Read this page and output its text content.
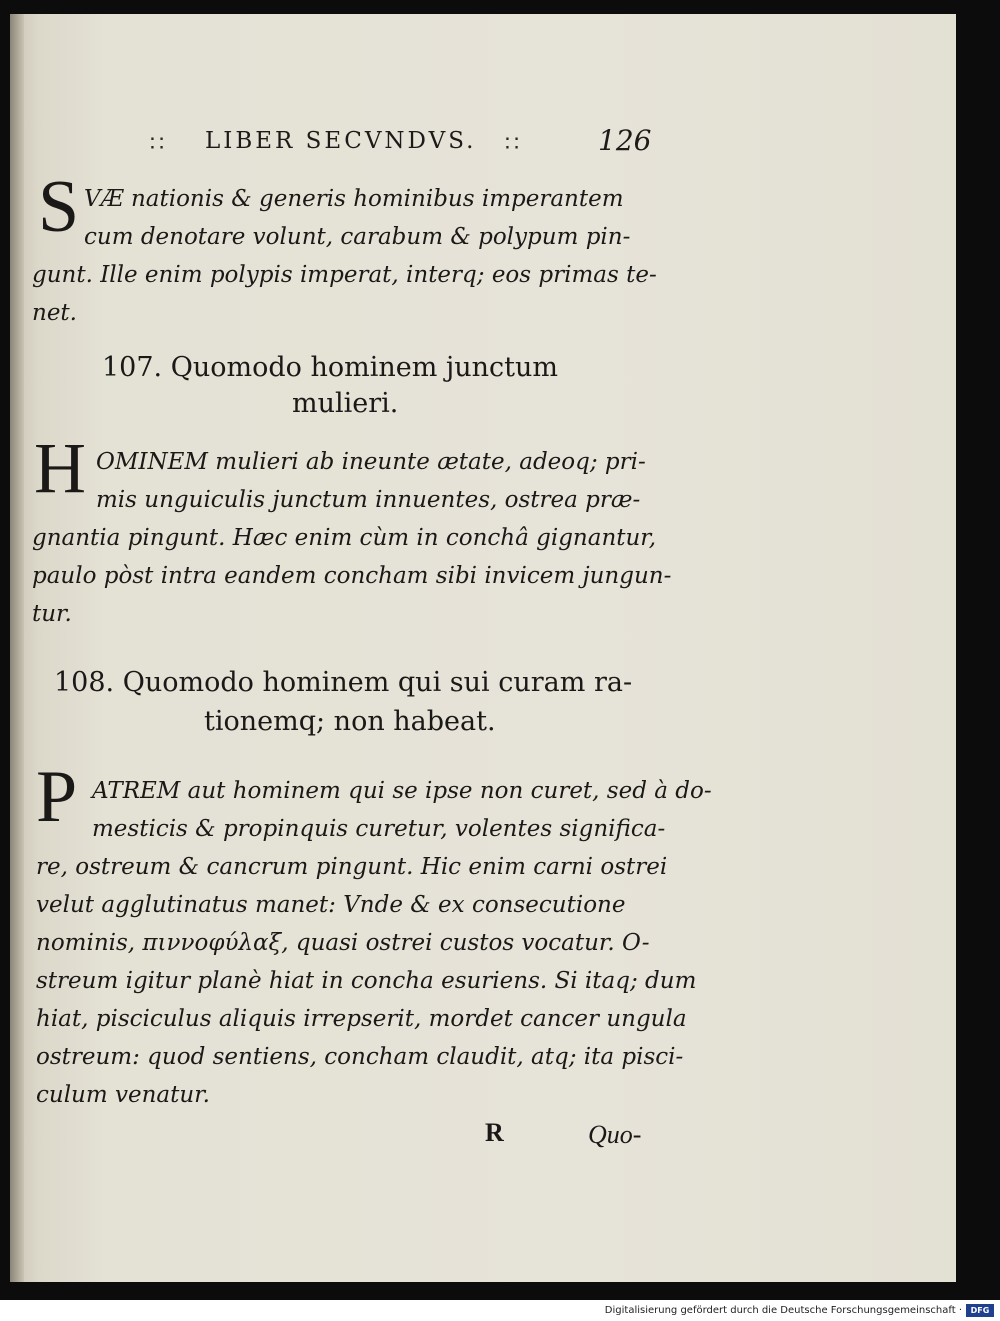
∷ LIBER SECVNDVS. ∷	126
S VÆ nationis & generis hominibus imperantem
cum denotare volunt, carabum & polypum pin-
gunt. Ille enim polypis imperat, interq; eos primas te-
net.
107. Quomodo hominem junctum
mulieri.
H OMINEM mulieri ab ineunte ætate, adeoq; pri-
mis unguiculis junctum innuentes, ostrea præ-
gnantia pingunt. Hæc enim cùm in conchâ gignantur,
paulo pòst intra eandem concham sibi invicem jungun-
tur.
108. Quomodo hominem qui sui curam ra-
tionemq; non habeat.
P ATREM aut hominem qui se ipse non curet, sed à do-
mesticis & propinquis curetur, volentes significa-
re, ostreum & cancrum pingunt. Hic enim carni ostrei
velut agglutinatus manet: Vnde & ex consecutione
nominis, πιννοφύλαξ, quasi ostrei custos vocatur. O-
streum igitur planè hiat in concha esuriens. Si itaq; dum
hiat, pisciculus aliquis irrepserit, mordet cancer ungula
ostreum: quod sentiens, concham claudit, atq; ita pisci-
culum venatur.
R	Quo-
Digitalisierung gefördert durch die Deutsche Forschungsgemeinschaft ·	DFG
